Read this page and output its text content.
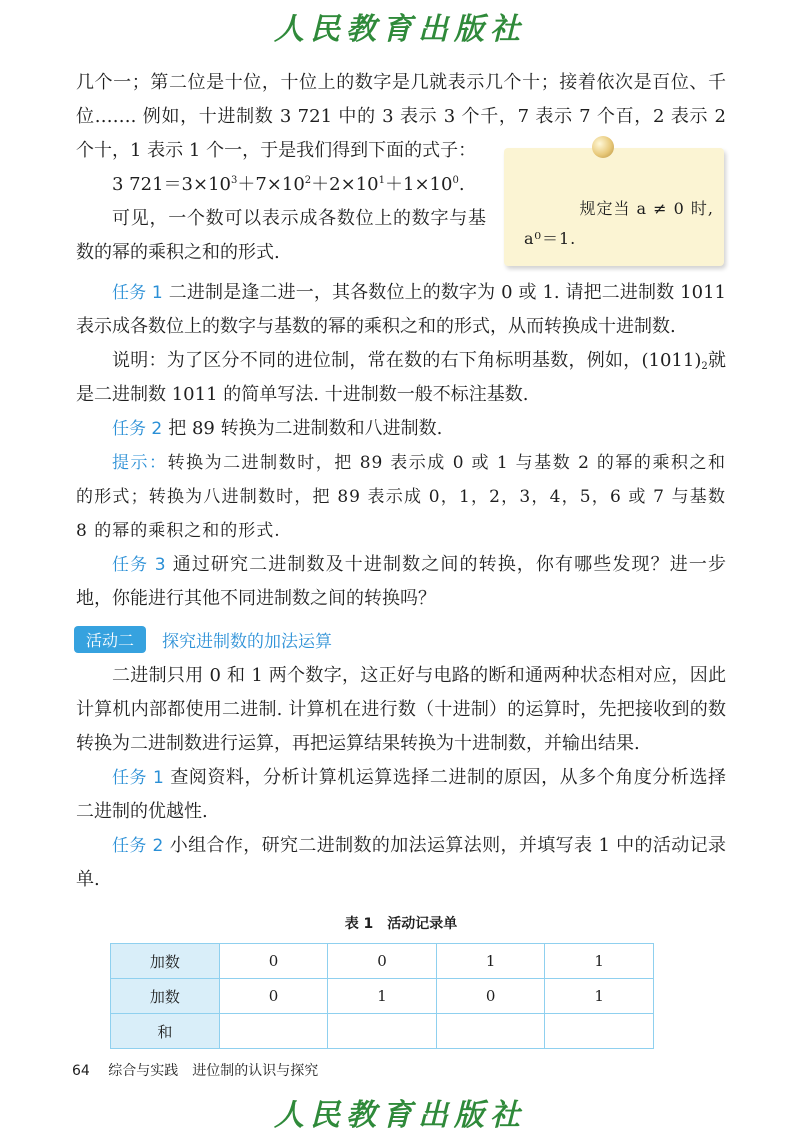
人民教育出版社

几个一；第二位是十位，十位上的数字是几就表示几个十；接着依次是百位、千位……. 例如，十进制数 3 721 中的 3 表示 3 个千，7 表示 7 个百，2 表示 2 个十，1 表示 1 个一，于是我们得到下面的式子：

3 $721=3\times 10^3+7\times 10^2+2\times 10^1+1\times 10^0$.

可见，一个数可以表示成各数位上的数字与基数的幂的乘积之和的形式.

规定当 a ≠ 0 时,
a⁰＝1.

任务 1 二进制是逢二进一，其各数位上的数字为 0 或 1. 请把二进制数 1011 表示成各数位上的数字与基数的幂的乘积之和的形式，从而转换成十进制数.

说明：为了区分不同的进位制，常在数的右下角标明基数，例如，$(1011)_2$就是二进制数 1011 的简单写法. 十进制数一般不标注基数.

任务 2 把 89 转换为二进制数和八进制数.

提示：转换为二进制数时，把 89 表示成 0 或 1 与基数 2 的幂的乘积之和的形式；转换为八进制数时，把 89 表示成 0，1，2，3，4，5，6 或 7 与基数 8 的幂的乘积之和的形式.

任务 3 通过研究二进制数及十进制数之间的转换，你有哪些发现？进一步地，你能进行其他不同进制数之间的转换吗？

活动二	探究进制数的加法运算

二进制只用 0 和 1 两个数字，这正好与电路的断和通两种状态相对应，因此计算机内部都使用二进制. 计算机在进行数（十进制）的运算时，先把接收到的数转换为二进制数进行运算，再把运算结果转换为十进制数，并输出结果.

任务 1 查阅资料，分析计算机运算选择二进制的原因，从多个角度分析选择二进制的优越性.

任务 2 小组合作，研究二进制数的加法运算法则，并填写表 1 中的活动记录单.

表 1　活动记录单
加数	0	0	1	1
加数	0	1	0	1
和				
64 综合与实践　进位制的认识与探究
人民教育出版社
